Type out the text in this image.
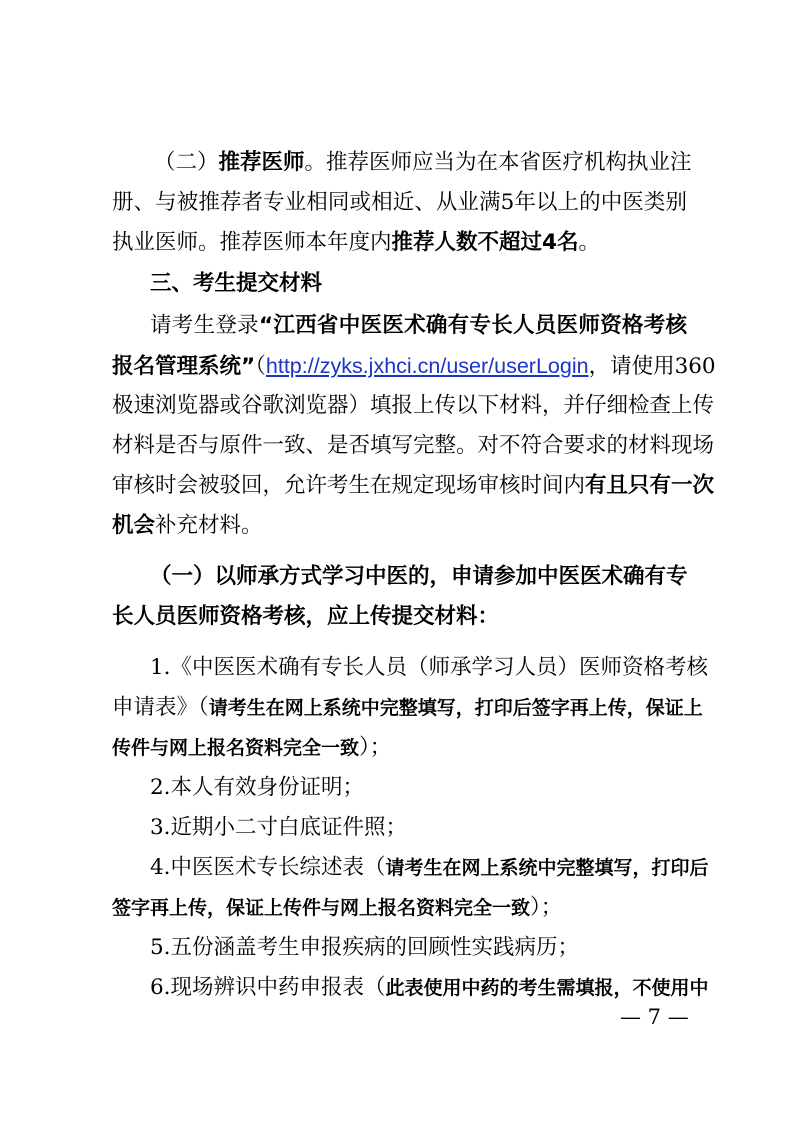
（二）推荐医师。推荐医师应当为在本省医疗机构执业注
册、与被推荐者专业相同或相近、从业满5年以上的中医类别
执业医师。推荐医师本年度内推荐人数不超过4名。
三、考生提交材料
请考生登录“江西省中医医术确有专长人员医师资格考核
报名管理系统”（http://zyks.jxhci.cn/user/userLogin，请使用360
极速浏览器或谷歌浏览器）填报上传以下材料，并仔细检查上传
材料是否与原件一致、是否填写完整。对不符合要求的材料现场
审核时会被驳回，允许考生在规定现场审核时间内有且只有一次
机会补充材料。
（一）以师承方式学习中医的，申请参加中医医术确有专
长人员医师资格考核，应上传提交材料：
1.《中医医术确有专长人员（师承学习人员）医师资格考核
申请表》（请考生在网上系统中完整填写，打印后签字再上传，保证上
传件与网上报名资料完全一致）；
2.本人有效身份证明；
3.近期小二寸白底证件照；
4.中医医术专长综述表（请考生在网上系统中完整填写，打印后
签字再上传，保证上传件与网上报名资料完全一致）；
5.五份涵盖考生申报疾病的回顾性实践病历；
6.现场辨识中药申报表（此表使用中药的考生需填报，不使用中
— 7 —
